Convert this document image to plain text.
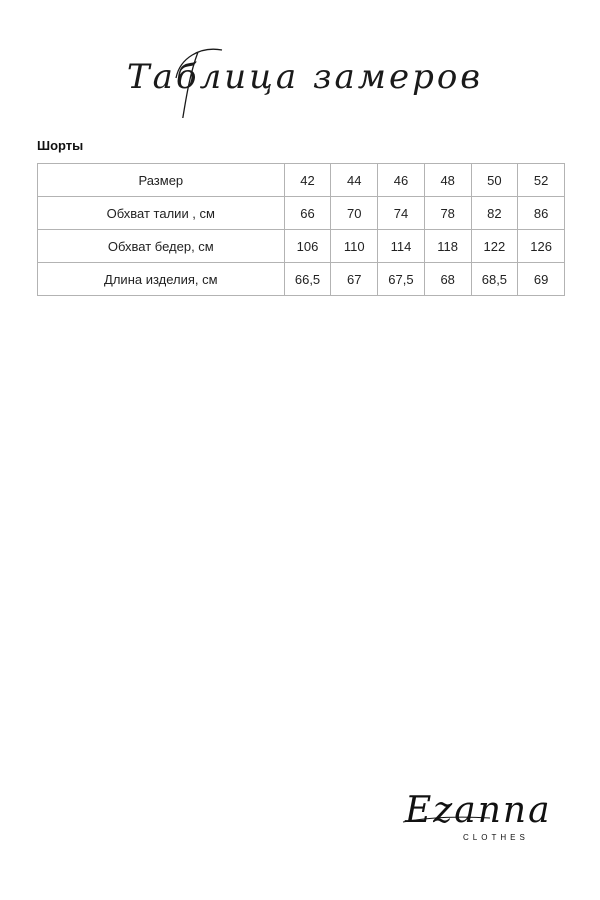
Таблица замеров
Шорты
Размер	42	44	46	48	50	52
Обхват талии , см	66	70	74	78	82	86
Обхват бедер, см	106	110	114	118	122	126
Длина изделия, см	66,5	67	67,5	68	68,5	69
Ezanna
CLOTHES
